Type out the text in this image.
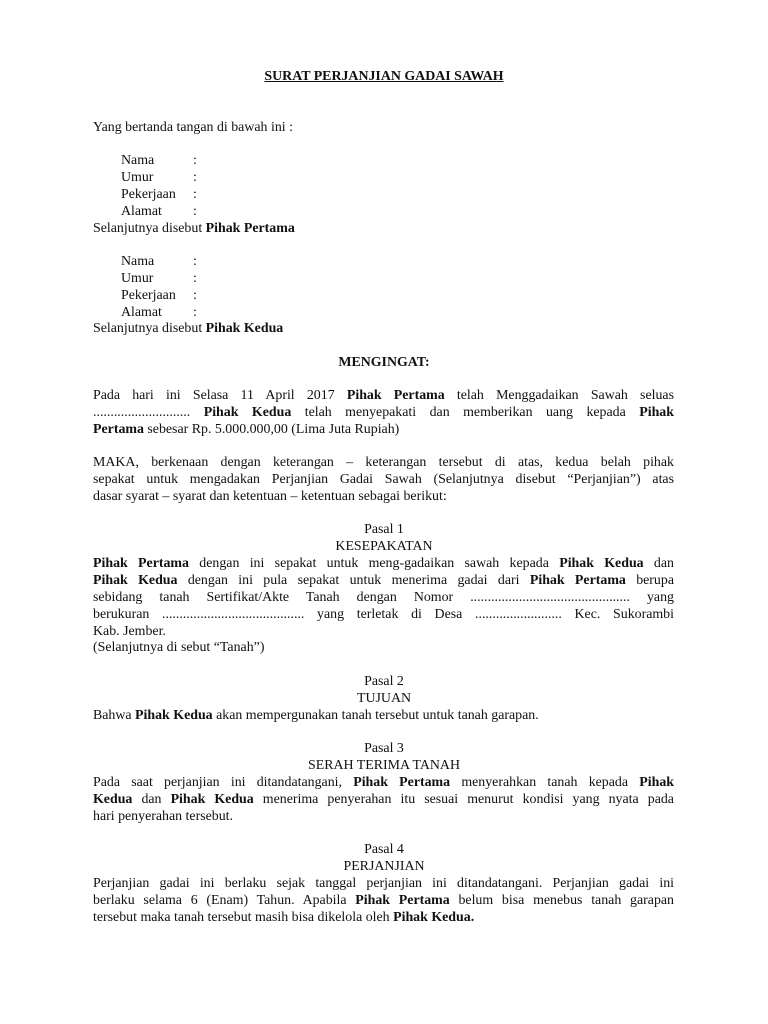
SURAT PERJANJIAN GADAI SAWAH
Yang bertanda tangan di bawah ini :
Nama	:
Umur	:
Pekerjaan :
Alamat :
Selanjutnya disebut Pihak Pertama
Nama	:
Umur	:
Pekerjaan :
Alamat :
Selanjutnya disebut Pihak Kedua
MENGINGAT:
Pada hari ini Selasa 11 April 2017 Pihak Pertama telah Menggadaikan Sawah seluas
............................ Pihak Kedua telah menyepakati dan memberikan uang kepada Pihak
Pertama sebesar Rp. 5.000.000,00 (Lima Juta Rupiah)
MAKA, berkenaan dengan keterangan – keterangan tersebut di atas, kedua belah pihak
sepakat untuk mengadakan Perjanjian Gadai Sawah (Selanjutnya disebut “Perjanjian”) atas
dasar syarat – syarat dan ketentuan – ketentuan sebagai berikut:
Pasal 1
KESEPAKATAN
Pihak Pertama dengan ini sepakat untuk meng-gadaikan sawah kepada Pihak Kedua dan
Pihak Kedua dengan ini pula sepakat untuk menerima gadai dari Pihak Pertama berupa
sebidang tanah Sertifikat/Akte Tanah dengan Nomor .............................................. yang
berukuran ......................................... yang terletak di Desa ......................... Kec. Sukorambi
Kab. Jember.
(Selanjutnya di sebut “Tanah”)
Pasal 2
TUJUAN
Bahwa Pihak Kedua akan mempergunakan tanah tersebut untuk tanah garapan.
Pasal 3
SERAH TERIMA TANAH
Pada saat perjanjian ini ditandatangani, Pihak Pertama menyerahkan tanah kepada Pihak
Kedua dan Pihak Kedua menerima penyerahan itu sesuai menurut kondisi yang nyata pada
hari penyerahan tersebut.
Pasal 4
PERJANJIAN
Perjanjian gadai ini berlaku sejak tanggal perjanjian ini ditandatangani. Perjanjian gadai ini
berlaku selama 6 (Enam) Tahun. Apabila Pihak Pertama belum bisa menebus tanah garapan
tersebut maka tanah tersebut masih bisa dikelola oleh Pihak Kedua.
